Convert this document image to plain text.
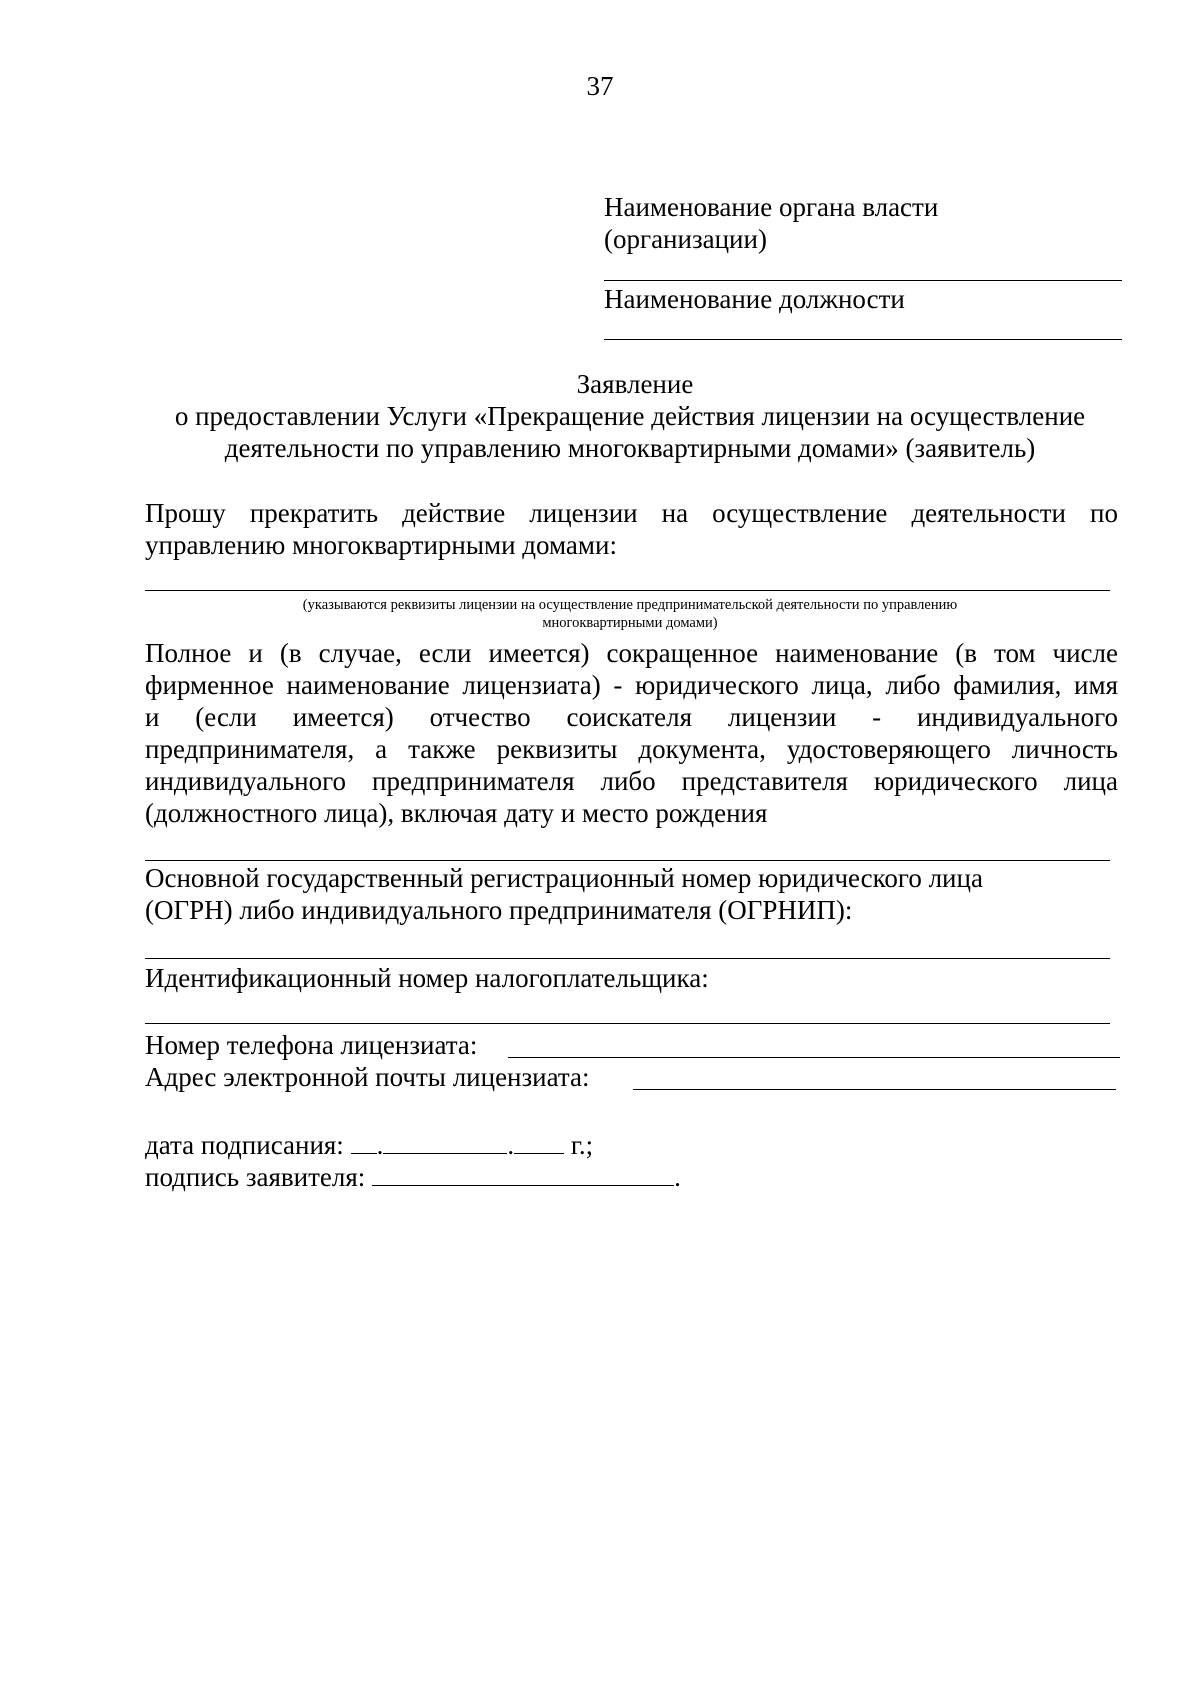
37
Наименование органа власти
(организации)
Наименование должности
Заявление
о предоставлении Услуги «Прекращение действия лицензии на осуществление
деятельности по управлению многоквартирными домами» (заявитель)
Прошу прекратить действие лицензии на осуществление деятельности по
управлению многоквартирными домами:
(указываются реквизиты лицензии на осуществление предпринимательской деятельности по управлению
многоквартирными домами)
Полное и (в случае, если имеется) сокращенное наименование (в том числе
фирменное наименование лицензиата) - юридического лица, либо фамилия, имя
и (если имеется) отчество соискателя лицензии - индивидуального
предпринимателя, а также реквизиты документа, удостоверяющего личность
индивидуального предпринимателя либо представителя юридического лица
(должностного лица), включая дату и место рождения
Основной государственный регистрационный номер юридического лица
(ОГРН) либо индивидуального предпринимателя (ОГРНИП):
Идентификационный номер налогоплательщика:
Номер телефона лицензиата:
Адрес электронной почты лицензиата:
дата подписания: .	. г.;
подпись заявителя:	.
